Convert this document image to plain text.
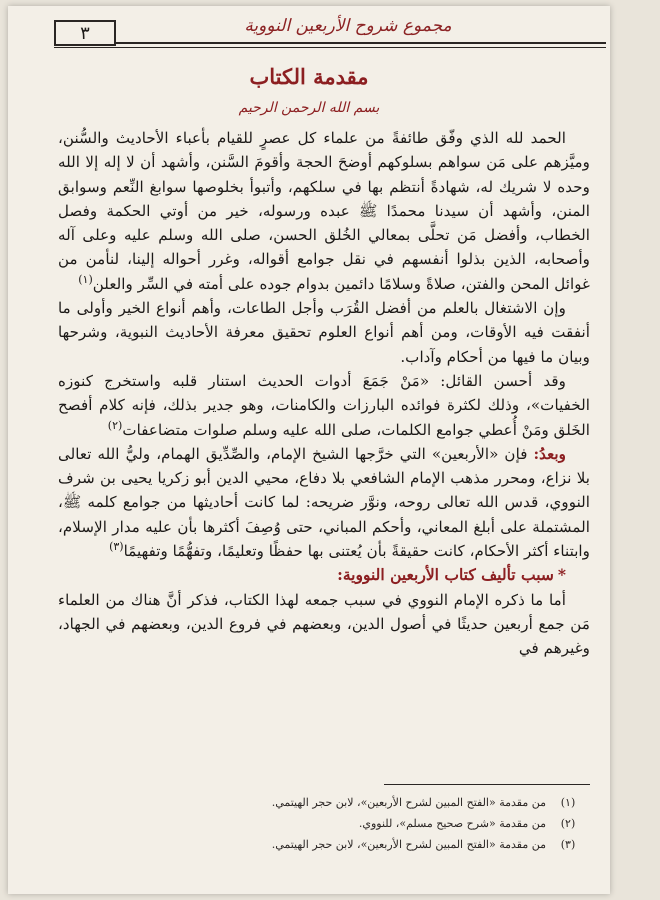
٣	مجموع شروح الأربعين النووية
مقدمة الكتاب
بسم الله الرحمن الرحيم

الحمد لله الذي وفّق طائفةً من علماء كل عصرٍ للقيام بأعباء الأحاديث والسُّنن، وميَّزهم على مَن سواهم بسلوكهم أوضحَ الحجة وأقومَ السَّنن، وأشهد أن لا إله إلا الله وحده لا شريك له، شهادةً أنتظم بها في سلكهم، وأتبوأ بخلوصها سوابغ النِّعم وسوابق المنن، وأشهد أن سيدنا محمدًا ﷺ عبده ورسوله، خير من أوتي الحكمة وفصل الخطاب، وأفضل مَن تحلَّى بمعالي الخُلق الحسن، صلى الله وسلم عليه وعلى آله وأصحابه، الذين بذلوا أنفسهم في نقل جوامع أقواله، وغرر أحواله إلينا، لنأمن من غوائل المحن والفتن، صلاةً وسلامًا دائمين بدوام جوده على أمته في السِّر والعلن$^{(١)}$

وإن الاشتغال بالعلم من أفضل القُرَب وأجل الطاعات، وأهم أنواع الخير وأولى ما أنفقت فيه الأوقات، ومن أهم أنواع العلوم تحقيق معرفة الأحاديث النبوية، وشرحها وبيان ما فيها من أحكام وآداب.

وقد أحسن القائل: «مَنْ جَمَعَ أدوات الحديث استنار قلبه واستخرج كنوزه الخفيات»، وذلك لكثرة فوائده البارزات والكامنات، وهو جدير بذلك، فإنه كلام أفصح الخَلق ومَنْ أُعطي جوامع الكلمات، صلى الله عليه وسلم صلوات متضاعفات$^{(٢)}$

وبعدُ: فإن «الأربعين» التي خرَّجها الشيخ الإمام، والصِّدِّيق الهمام، وليُّ الله تعالى بلا نزاع، ومحرر مذهب الإمام الشافعي بلا دفاع، محيي الدين أبو زكريا يحيى بن شرف النووي، قدس الله تعالى روحه، ونوَّر ضريحه: لما كانت أحاديثها من جوامع كلمه ﷺ، المشتملة على أبلغ المعاني، وأحكم المباني، حتى وُصِفَ أكثرها بأن عليه مدار الإسلام، وابتناء أكثر الأحكام، كانت حقيقةً بأن يُعتنى بها حفظًا وتعليمًا، وتفهُّمًا وتفهيمًا$^{(٣)}$

*سبب تأليف كتاب الأربعين النووية:

أما ما ذكره الإمام النووي في سبب جمعه لهذا الكتاب، فذكر أنَّ هناك من العلماء مَن جمع أربعين حديثًا في أصول الدين، وبعضهم في فروع الدين، وبعضهم في الجهاد، وغيرهم في

(١)
من مقدمة «الفتح المبين لشرح الأربعين»، لابن حجر الهيتمي.
(٢)
من مقدمة «شرح صحيح مسلم»، للنووي.
(٣)
من مقدمة «الفتح المبين لشرح الأربعين»، لابن حجر الهيتمي.
